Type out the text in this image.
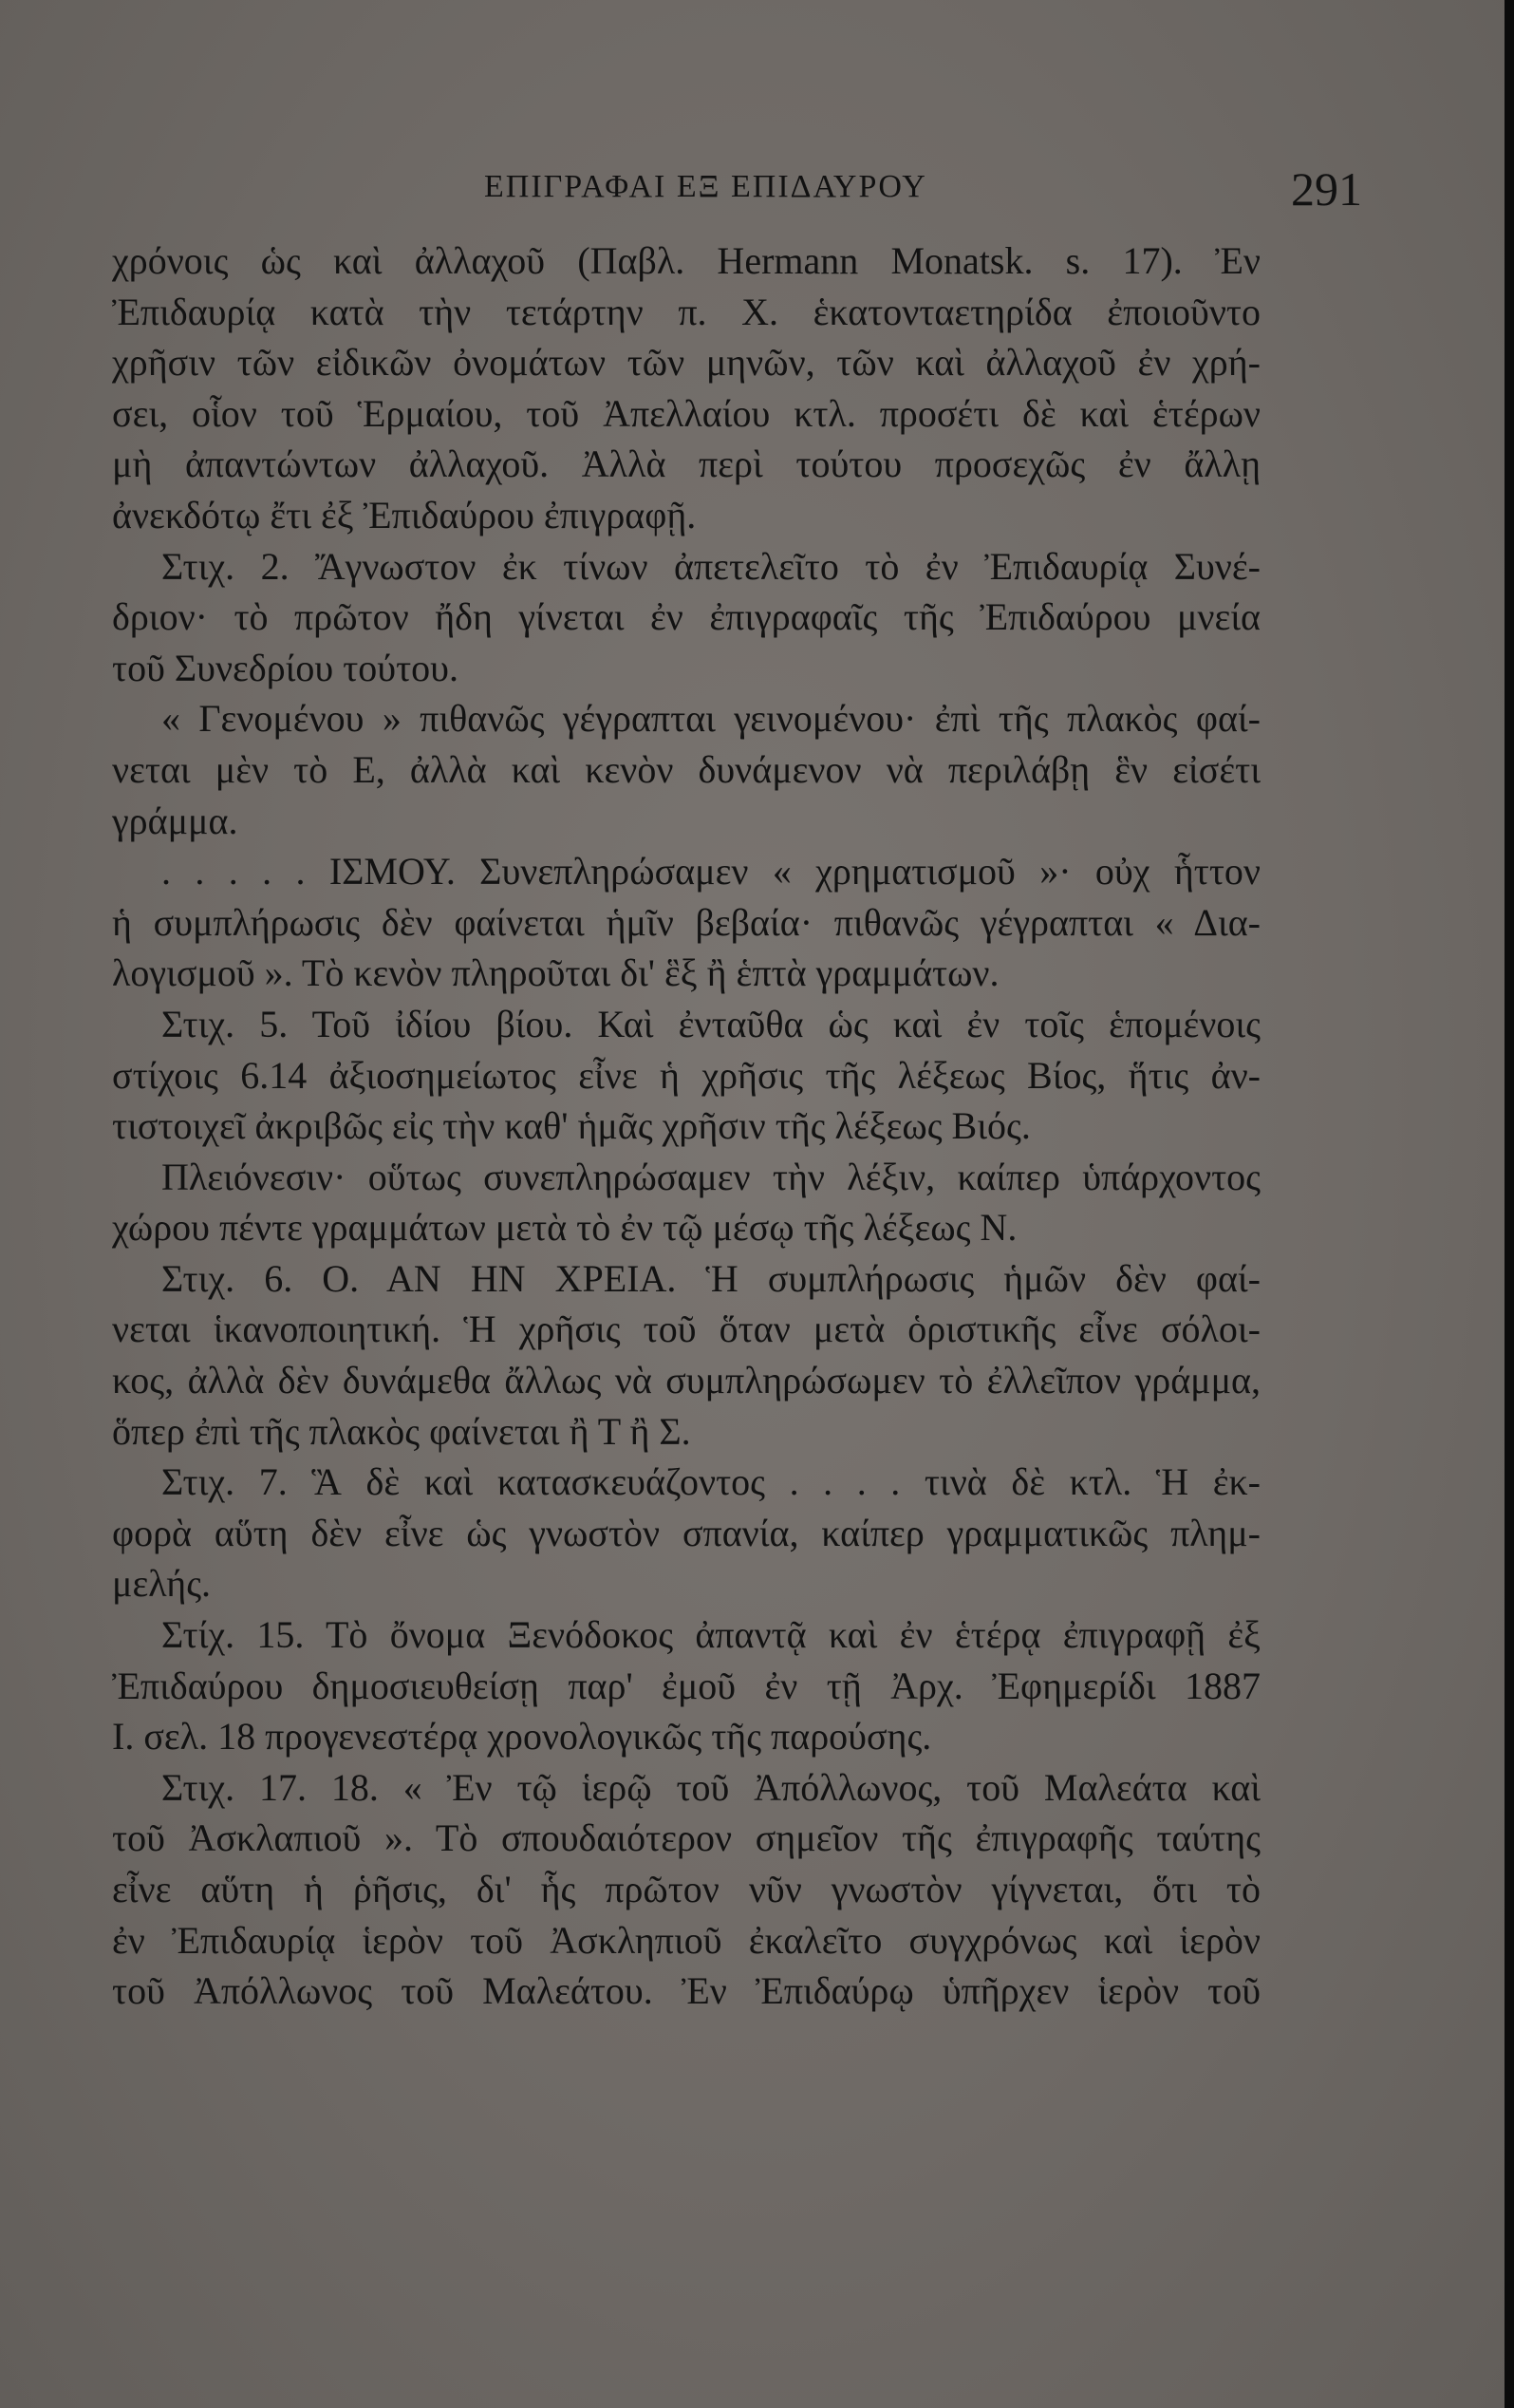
ΕΠΙΓΡΑΦΑΙ ΕΞ ΕΠΙΔΑΥΡΟΥ	291
χρόνοις ὡς καὶ ἀλλαχοῦ (Παβλ. Hermann Monatsk. s. 17). Ἐν
Ἐπιδαυρίᾳ κατὰ τὴν τετάρτην π. Χ. ἑκατονταετηρίδα ἐποιοῦντο
χρῆσιν τῶν εἰδικῶν ὀνομάτων τῶν μηνῶν, τῶν καὶ ἀλλαχοῦ ἐν χρή-
σει, οἷον τοῦ Ἑρμαίου, τοῦ Ἀπελλαίου κτλ. προσέτι δὲ καὶ ἑτέρων
μὴ ἀπαντώντων ἀλλαχοῦ. Ἀλλὰ περὶ τούτου προσεχῶς ἐν ἄλλῃ
ἀνεκδότῳ ἔτι ἐξ Ἐπιδαύρου ἐπιγραφῇ.
Στιχ. 2. Ἄγνωστον ἐκ τίνων ἀπετελεῖτο τὸ ἐν Ἐπιδαυρίᾳ Συνέ-
δριον· τὸ πρῶτον ἤδη γίνεται ἐν ἐπιγραφαῖς τῆς Ἐπιδαύρου μνεία
τοῦ Συνεδρίου τούτου.
« Γενομένου » πιθανῶς γέγραπται γεινομένου· ἐπὶ τῆς πλακὸς φαί-
νεται μὲν τὸ Ε, ἀλλὰ καὶ κενὸν δυνάμενον νὰ περιλάβῃ ἓν εἰσέτι
γράμμα.
. . . . . ΙΣΜΟΥ. Συνεπληρώσαμεν « χρηματισμοῦ »· οὐχ ἧττον
ἡ συμπλήρωσις δὲν φαίνεται ἡμῖν βεβαία· πιθανῶς γέγραπται « Δια-
λογισμοῦ ». Τὸ κενὸν πληροῦται δι' ἓξ ἢ ἑπτὰ γραμμάτων.
Στιχ. 5. Τοῦ ἰδίου βίου. Καὶ ἐνταῦθα ὡς καὶ ἐν τοῖς ἑπομένοις
στίχοις 6.14 ἀξιοσημείωτος εἶνε ἡ χρῆσις τῆς λέξεως Βίος, ἥτις ἀν-
τιστοιχεῖ ἀκριβῶς εἰς τὴν καθ' ἡμᾶς χρῆσιν τῆς λέξεως Βιός.
Πλειόνεσιν· οὕτως συνεπληρώσαμεν τὴν λέξιν, καίπερ ὑπάρχοντος
χώρου πέντε γραμμάτων μετὰ τὸ ἐν τῷ μέσῳ τῆς λέξεως Ν.
Στιχ. 6. Ο. ΑΝ ΗΝ ΧΡΕΙΑ. Ἡ συμπλήρωσις ἡμῶν δὲν φαί-
νεται ἱκανοποιητική. Ἡ χρῆσις τοῦ ὅταν μετὰ ὁριστικῆς εἶνε σόλοι-
κος, ἀλλὰ δὲν δυνάμεθα ἄλλως νὰ συμπληρώσωμεν τὸ ἐλλεῖπον γράμμα,
ὅπερ ἐπὶ τῆς πλακὸς φαίνεται ἢ Τ ἢ Σ.
Στιχ. 7. Ἃ δὲ καὶ κατασκευάζοντος . . . . τινὰ δὲ κτλ. Ἡ ἐκ-
φορὰ αὕτη δὲν εἶνε ὡς γνωστὸν σπανία, καίπερ γραμματικῶς πλημ-
μελής.
Στίχ. 15. Τὸ ὄνομα Ξενόδοκος ἀπαντᾷ καὶ ἐν ἑτέρᾳ ἐπιγραφῇ ἐξ
Ἐπιδαύρου δημοσιευθείσῃ παρ' ἐμοῦ ἐν τῇ Ἀρχ. Ἐφημερίδι 1887
Ι. σελ. 18 προγενεστέρᾳ χρονολογικῶς τῆς παρούσης.
Στιχ. 17. 18. « Ἐν τῷ ἱερῷ τοῦ Ἀπόλλωνος, τοῦ Μαλεάτα καὶ
τοῦ Ἀσκλαπιοῦ ». Τὸ σπουδαιότερον σημεῖον τῆς ἐπιγραφῆς ταύτης
εἶνε αὕτη ἡ ῥῆσις, δι' ἧς πρῶτον νῦν γνωστὸν γίγνεται, ὅτι τὸ
ἐν Ἐπιδαυρίᾳ ἱερὸν τοῦ Ἀσκληπιοῦ ἐκαλεῖτο συγχρόνως καὶ ἱερὸν
τοῦ Ἀπόλλωνος τοῦ Μαλεάτου. Ἐν Ἐπιδαύρῳ ὑπῆρχεν ἱερὸν τοῦ
